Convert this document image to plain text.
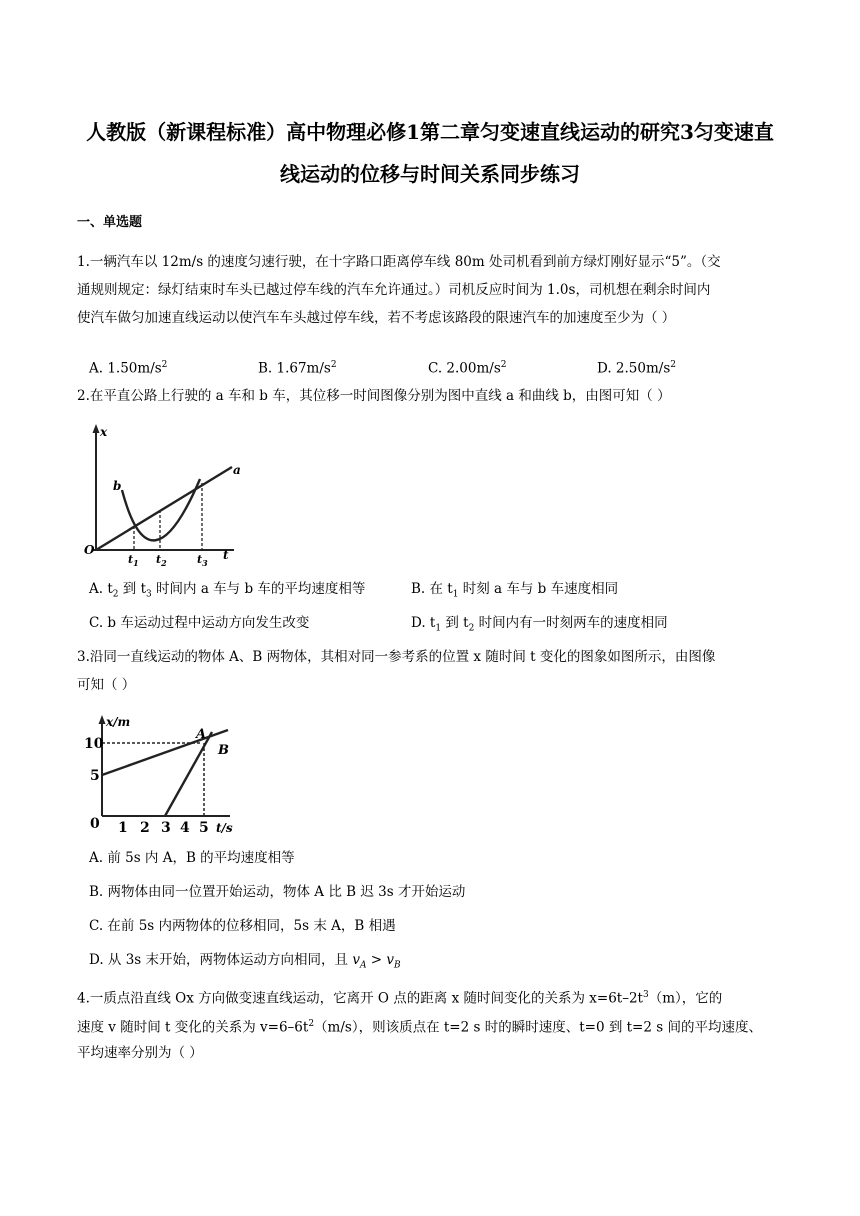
人教版（新课程标准）高中物理必修1第二章匀变速直线运动的研究3匀变速直
线运动的位移与时间关系同步练习
一、单选题
1.一辆汽车以 12m/s 的速度匀速行驶，在十字路口距离停车线 80m 处司机看到前方绿灯刚好显示“5”。（交
通规则规定：绿灯结束时车头已越过停车线的汽车允许通过。）司机反应时间为 1.0s，司机想在剩余时间内
使汽车做匀加速直线运动以使汽车车头越过停车线，若不考虑该路段的限速汽车的加速度至少为（ ）
A. $1.50m/s^2$	B. $1.67m/s^2$	C. $2.00m/s^2$	D. $2.50m/s^2$
2.在平直公路上行驶的 a 车和 b 车，其位移一时间图像分别为图中直线 a 和曲线 b，由图可知（ ）
x
O
a
b
t
$t_1$ $t_2$	$t_3$
A. $t_2$ 到 $t_3$ 时间内 a 车与 b 车的平均速度相等	B. 在 $t_1$ 时刻 a 车与 b 车速度相同
C. b 车运动过程中运动方向发生改变	D. $t_1$ 到 $t_2$ 时间内有一时刻两车的速度相同
3.沿同一直线运动的物体 A、B 两物体，其相对同一参考系的位置 x 随时间 t 变化的图象如图所示，由图像
可知（ ）
x/m
10
5
0 1 2 3 4 5 t/s
A
B
A. 前 5s 内 A，B 的平均速度相等
B. 两物体由同一位置开始运动，物体 A 比 B 迟 3s 才开始运动
C. 在前 5s 内两物体的位移相同，5s 末 A，B 相遇
D. 从 3s 末开始，两物体运动方向相同，且 $v_A > v_B$
4.一质点沿直线 Ox 方向做变速直线运动，它离开 O 点的距离 x 随时间变化的关系为 $x=6t-2t^3(m)$，它的
速度 v 随时间 t 变化的关系为 $v=6-6t^2(m/s)$，则该质点在 t=2 s 时的瞬时速度、t=0 到 t=2 s 间的平均速度、
平均速率分别为（ ）
